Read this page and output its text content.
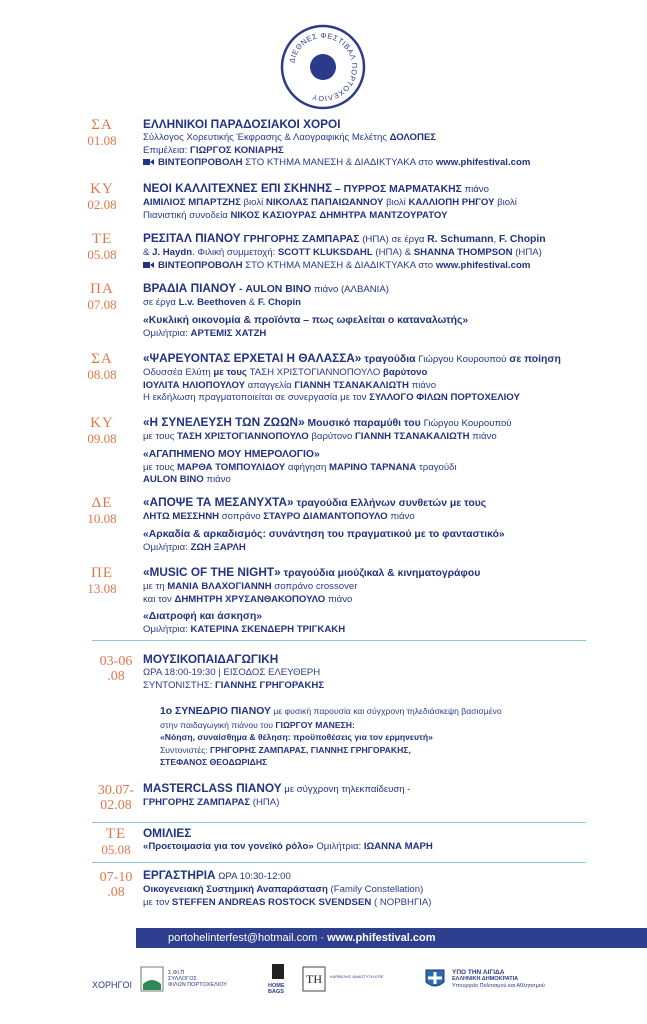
ΔΙΕΘΝΕΣ ΦΕΣΤΙΒΑΛ ΠΟΡΤΟΧΕΛΙΟΥ
ΣΑ
01.08
ΕΛΛΗΝΙΚΟΙ ΠΑΡΑΔΟΣΙΑΚΟΙ ΧΟΡΟΙ
Σύλλογος Χορευτικής Έκφρασης & Λαογραφικής Μελέτης ΔΟΛΟΠΕΣ
Επιμέλεια: ΓΙΩΡΓΟΣ ΚΟΝΙΑΡΗΣ
ΒΙΝΤΕΟΠΡΟΒΟΛΗ ΣΤΟ ΚΤΗΜΑ ΜΑΝΕΣΗ & ΔΙΑΔΙΚΤΥΑΚΑ στο www.phifestival.com
ΚΥ
02.08
ΝΕΟΙ ΚΑΛΛΙΤΕΧΝΕΣ ΕΠΙ ΣΚΗΝΗΣ – ΠΥΡΡΟΣ ΜΑΡΜΑΤΑΚΗΣ πιάνο
ΑΙΜΙΛΙΟΣ ΜΠΑΡΤΖΗΣ βιολί ΝΙΚΟΛΑΣ ΠΑΠΑΙΩΑΝΝΟΥ βιολί ΚΑΛΛΙΟΠΗ ΡΗΓΟΥ βιολί
Πιανιστική συνοδεία ΝΙΚΟΣ ΚΑΣΙΟΥΡΑΣ ΔΗΜΗΤΡΑ ΜΑΝΤΖΟΥΡΑΤΟΥ
ΤΕ
05.08
ΡΕΣΙΤΑΛ ΠΙΑΝΟΥ ΓΡΗΓΟΡΗΣ ΖΑΜΠΑΡΑΣ (ΗΠΑ) σε έργα R. Schumann, F. Chopin
& J. Haydn. Φιλική συμμετοχή: SCOTT KLUKSDAHL (ΗΠΑ) & SHANNA THOMPSON (ΗΠΑ)
ΒΙΝΤΕΟΠΡΟΒΟΛΗ ΣΤΟ ΚΤΗΜΑ ΜΑΝΕΣΗ & ΔΙΑΔΙΚΤΥΑΚΑ στο www.phifestival.com
ΠΑ
07.08
ΒΡΑΔΙΑ ΠΙΑΝΟΥ - AULON BINO πιάνο (ΑΛΒΑΝΙΑ)
σε έργα L.v. Beethoven & F. Chopin
«Κυκλική οικονομία & προϊόντα – πως ωφελείται ο καταναλωτής»
Ομιλήτρια: ΑΡΤΕΜΙΣ ΧΑΤΖΗ
ΣΑ
08.08
«ΨΑΡΕΥΟΝΤΑΣ ΕΡΧΕΤΑΙ Η ΘΑΛΑΣΣΑ» τραγούδια Γιώργου Κουρουπού σε ποίηση
Οδυσσέα Ελύτη με τους ΤΑΣΗ ΧΡΙΣΤΟΓΙΑΝΝΟΠΟΥΛΟ βαρύτονο
ΙΟΥΛΙΤΑ ΗΛΙΟΠΟΥΛΟΥ απαγγελία ΓΙΑΝΝΗ ΤΣΑΝΑΚΑΛΙΩΤΗ πιάνο
Η εκδήλωση πραγματοποιείται σε συνεργασία με τον ΣΥΛΛΟΓΟ ΦΙΛΩΝ ΠΟΡΤΟΧΕΛΙΟΥ
ΚΥ
09.08
«Η ΣΥΝΕΛΕΥΣΗ ΤΩΝ ΖΩΩΝ» Μουσικό παραμύθι του Γιώργου Κουρουπού
με τους ΤΑΣΗ ΧΡΙΣΤΟΓΙΑΝΝΟΠΟΥΛΟ βαρύτονο ΓΙΑΝΝΗ ΤΣΑΝΑΚΑΛΙΩΤΗ πιάνο
«ΑΓΑΠΗΜΕΝΟ ΜΟΥ ΗΜΕΡΟΛΟΓΙΟ»
με τους ΜΑΡΘΑ ΤΟΜΠΟΥΛΙΔΟΥ αφήγηση ΜΑΡΙΝΟ ΤΑΡΝΑΝΑ τραγούδι
AULON BINO πιάνο
ΔΕ
10.08
«ΑΠΟΨΕ ΤΑ ΜΕΣΑΝΥΧΤΑ» τραγούδια Ελλήνων συνθετών με τους
ΛΗΤΩ ΜΕΣΣΗΝΗ σοπράνο ΣΤΑΥΡΟ ΔΙΑΜΑΝΤΟΠΟΥΛΟ πιάνο
«Αρκαδία & αρκαδισμός: συνάντηση του πραγματικού με το φανταστικό»
Ομιλήτρια: ΖΩΗ ΞΑΡΛΗ
ΠΕ
13.08
«MUSIC OF THE NIGHT» τραγούδια μιούζικαλ & κινηματογράφου
με τη ΜΑΝΙΑ ΒΛΑΧΟΓΙΑΝΝΗ σοπράνο crossover
και τον ΔΗΜΗΤΡΗ ΧΡΥΣΑΝΘΑΚΟΠΟΥΛΟ πιάνο
«Διατροφή και άσκηση»
Ομιλήτρια: ΚΑΤΕΡΙΝΑ ΣΚΕΝΔΕΡΗ ΤΡΙΓΚΑΚΗ
03-06
.08
ΜΟΥΣΙΚΟΠΑΙΔΑΓΩΓΙΚΗ
ΩΡΑ 18:00-19:30 | ΕΙΣΟΔΟΣ ΕΛΕΥΘΕΡΗ
ΣΥΝΤΟΝΙΣΤΗΣ: ΓΙΑΝΝΗΣ ΓΡΗΓΟΡΑΚΗΣ
1ο ΣΥΝΕΔΡΙΟ ΠΙΑΝΟΥ με φυσική παρουσία και σύγχρονη τηλεδιάσκεψη βασισμένο
στην παιδαγωγική πιάνου του ΓΙΩΡΓΟΥ ΜΑΝΕΣΗ:
«Νόηση, συναίσθημα & θέληση: προϋποθέσεις για τον ερμηνευτή»
Συντονιστές: ΓΡΗΓΟΡΗΣ ΖΑΜΠΑΡΑΣ, ΓΙΑΝΝΗΣ ΓΡΗΓΟΡΑΚΗΣ,
ΣΤΕΦΑΝΟΣ ΘΕΟΔΩΡΙΔΗΣ
30.07-
02.08
MASTERCLASS ΠΙΑΝΟΥ με σύγχρονη τηλεκπαίδευση -
ΓΡΗΓΟΡΗΣ ΖΑΜΠΑΡΑΣ (ΗΠΑ)
ΤΕ
05.08
ΟΜΙΛΙΕΣ
«Προετοιμασία για τον γονεϊκό ρόλο» Ομιλήτρια: ΙΩΑΝΝΑ ΜΑΡΗ
07-10
.08
ΕΡΓΑΣΤΗΡΙΑ ΩΡΑ 10:30-12:00
Οικογενειακή Συστημική Αναπαράσταση (Family Constellation)
με τον STEFFEN ANDREAS ROSTOCK SVENDSEN ( ΝΟΡΒΗΓΙΑ)
portohelinterfest@hotmail.com · www.phifestival.com
ΧΟΡΗΓΟΙ
Σ.ΦΙ.Π
ΣΥΛΛΟΓΟΣ
ΦΙΛΩΝ ΠΟΡΤΟΧΕΛΙΟΥ	HOME
BAGS
ΤΗ ΚΑΡΒΕΛΗΣ ΑΝΑΠΤΥΞΗ ΕΠΕ
ΥΠΟ ΤΗΝ ΑΙΓΙΔΑ
ΕΛΛΗΝΙΚΗ ΔΗΜΟΚΡΑΤΙΑ
Υπουργείο Πολιτισμού και Αθλητισμού
